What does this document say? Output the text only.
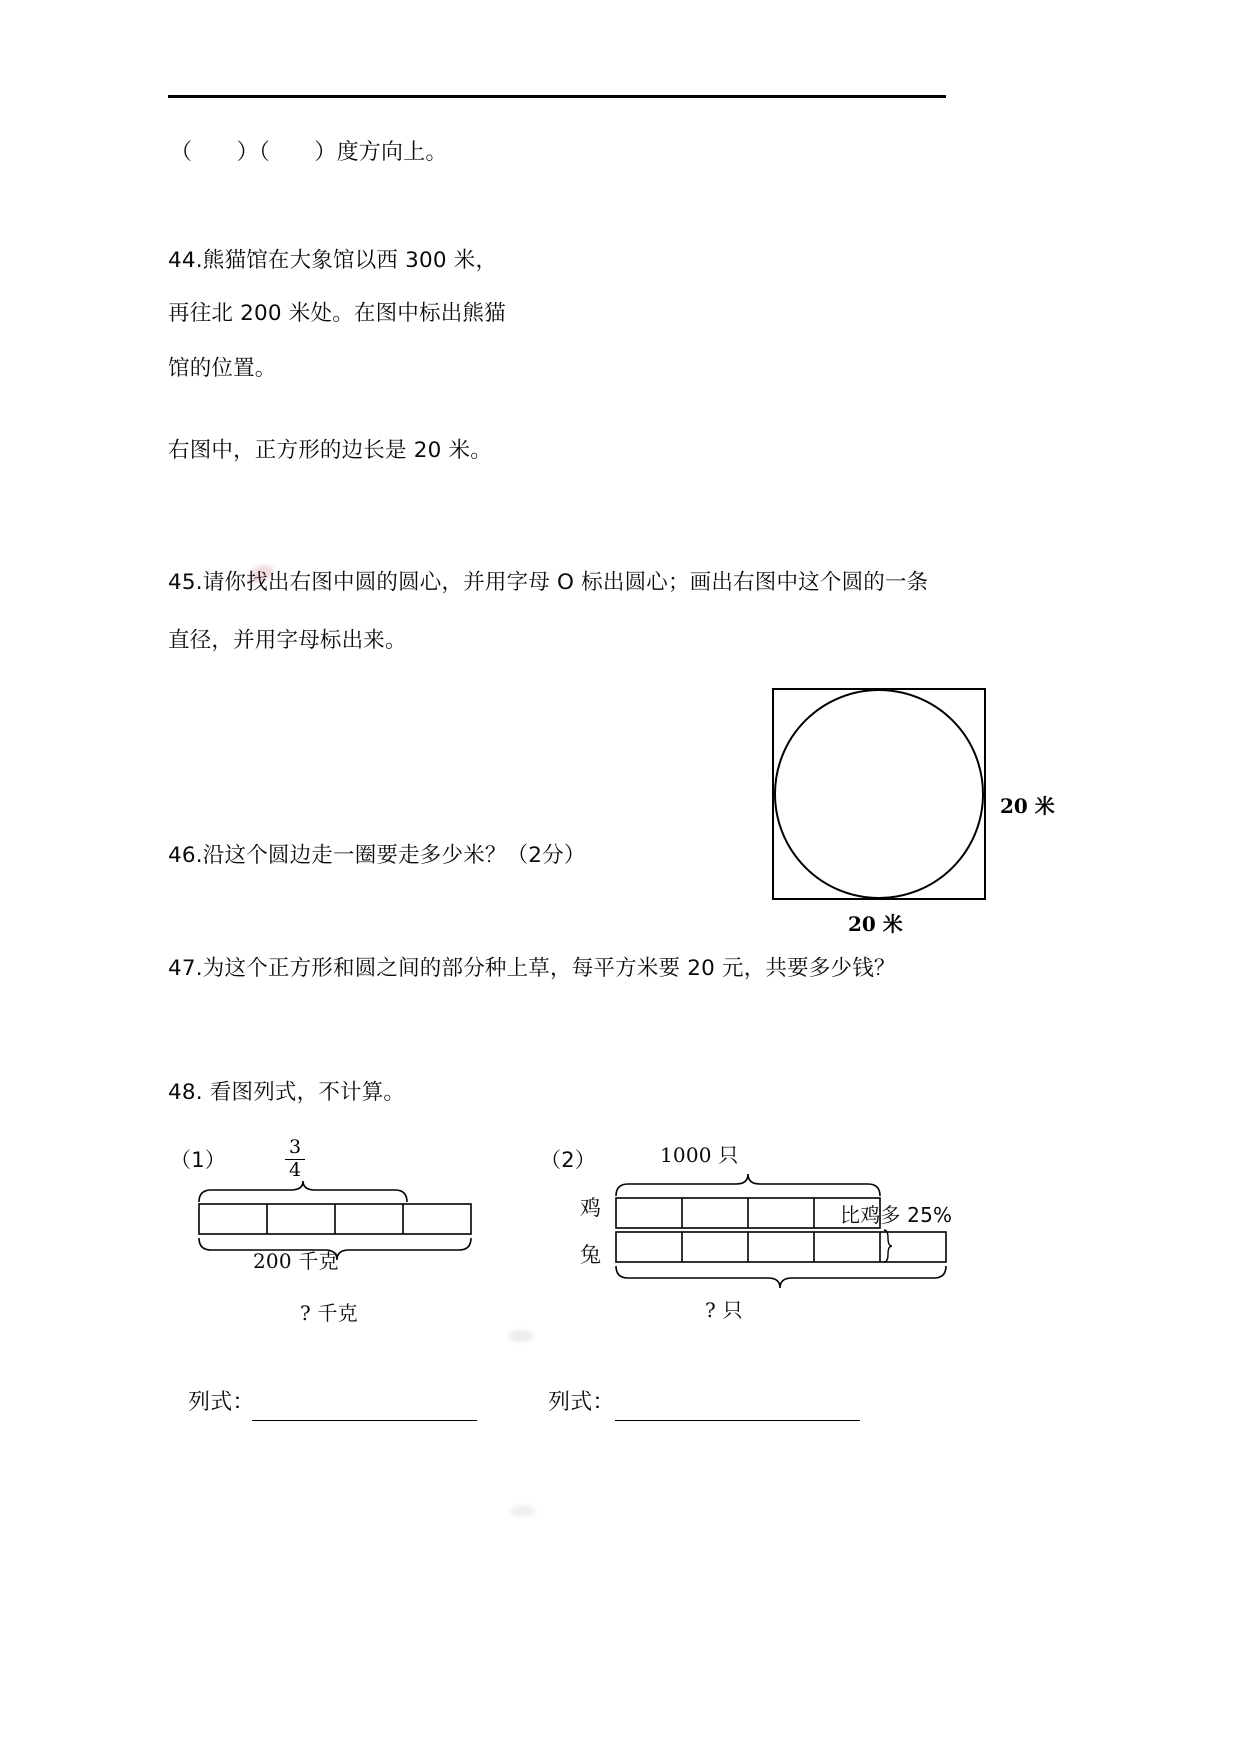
（　　）（　　）度方向上。
44.熊猫馆在大象馆以西 300 米，
再往北 200 米处。在图中标出熊猫
馆的位置。
右图中，正方形的边长是 20 米。
45.请你找出右图中圆的圆心，并用字母 O 标出圆心；画出右图中这个圆的一条
直径，并用字母标出来。
20 米
20 米
46.沿这个圆边走一圈要走多少米？（2分）
47.为这个正方形和圆之间的部分种上草，每平方米要 20 元，共要多少钱？
48. 看图列式，不计算。
（1）
3
4
200 千克
? 千克
（2）	1000 只
鸡
兔
比鸡多 25%
? 只
列式：	列式：
